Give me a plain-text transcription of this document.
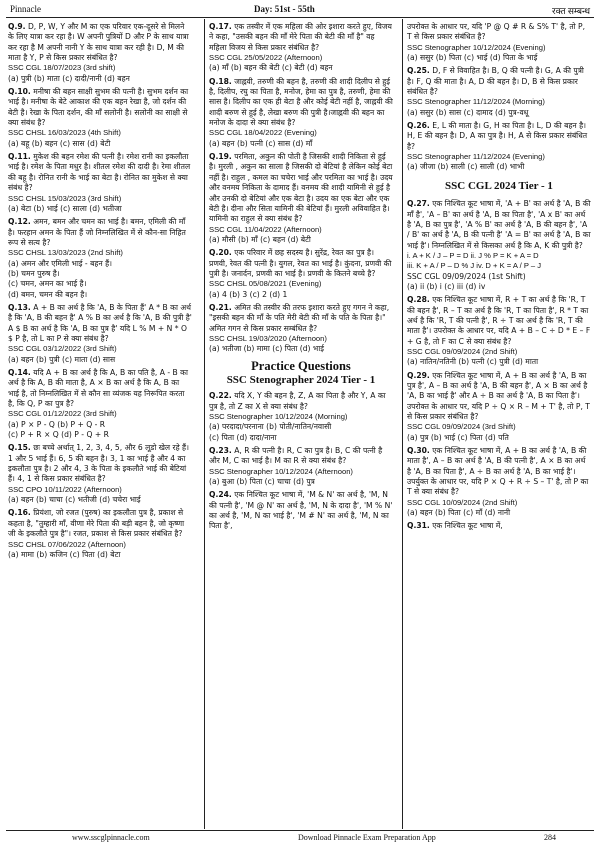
Pinnacle	Day: 51st - 55th	रक्त सम्बन्ध
Q.9. D, P, W, Y और M का एक परिवार एक-दूसरे से मिलने के लिए यात्रा कर रहा है। W अपनी पुत्रियों D और P के साथ यात्रा कर रहा है M अपनी नानी Y के साथ यात्रा कर रही है। D, M की माता है Y, P से किस प्रकार संबंधित है?
SSC CGL 18/07/2023 (3rd shift)
(a) पुत्री (b) माता (c) दादी/नानी (d) बहन
Q.10. मनीषा की बहन साक्षी सुभम की पत्नी है। सुभम दर्शन का भाई है। मनीषा के बेटे आकाश की एक बहन रेखा है, जो दर्शन की बेटी है। रेखा के पिता दर्शन, की माँ सलोनी है। सलोनी का साक्षी से क्या संबंध है?
SSC CHSL 16/03/2023 (4th Shift)
(a) बहू (b) बहन (c) सास (d) बेटी
Q.11. मुकेश की बहन रमेश की पत्नी है। रमेश रानी का इकलौता भाई है। रमेश के पिता मधुर है। शीतल रमेश की दादी है। रेमा शीतल की बहू है। रोनित रानी के भाई का बेटा है। रोनित का मुकेश से क्या संबंध है?
SSC CHSL 15/03/2023 (3rd Shift)
(a) बेटा (b) भाई (c) साला (d) भतीजा
Q.12. अमन, बमन और चमन का भाई है। बमन, एमिली की माँ है। फरहान अमन के पिता हैं जो निम्नलिखित में से कौन-सा निहित रूप से सत्य है?
SSC CHSL 13/03/2023 (2nd Shift)
(a) अमन और एमिली भाई - बहन हैं।
(b) चमन पुरुष है।
(c) चमन, अमन का भाई है।
(d) बमन, चमन की बहन है।
Q.13. A + B का अर्थ है कि 'A, B के पिता हैं' A * B का अर्थ है कि 'A, B की बहन है' A % B का अर्थ है कि 'A, B की पुत्री है' A $ B का अर्थ है कि 'A, B का पुत्र है' यदि L % M + N * O $ P है, तो L का P से क्या संबंध है?
SSC CGL 03/12/2022 (3rd Shift)
(a) बहन (b) पुत्री (c) माता (d) सास
Q.14. यदि A + B का अर्थ है कि A, B का पति है, A - B का अर्थ है कि A, B की माता है, A × B का अर्थ है कि A, B का भाई है, तो निम्नलिखित में से कौन सा व्यंजक यह निरूपित करता है, कि Q, P का पुत्र है?
SSC CGL 01/12/2022 (3rd Shift)
(a) P × P - Q (b) P + Q - R
(c) P + R × Q (d) P - Q + R
Q.15. छः बच्चे अर्थात् 1, 2, 3, 4, 5, और 6 लूडो खेल रहे हैं। 1 और 5 भाई हैं। 6, 5 की बहन है। 3, 1 का भाई है और 4 का इकलौता पुत्र है। 2 और 4, 3 के पिता के इकलौते भाई की बेटियां हैं। 4, 1 से किस प्रकार संबंधित है?
SSC CPO 10/11/2022 (Afternoon)
(a) बहन (b) चाचा (c) भतीजी (d) चचेरा भाई
Q.16. प्रियंशा, जो रजत (पुरुष) का इकलौता पुत्र है, प्रकाश से कहता है, "तुम्हारी माँ, वीणा मेरे पिता की बड़ी बहन है, जो कृष्णा जी के इकलौते पुत्र है"। रजत, प्रकाश से किस प्रकार संबंधित है?
SSC CHSL 07/06/2022 (Afternoon)
(a) मामा (b) कजिन (c) पिता (d) बेटा
Q.17. एक तस्वीर में एक महिला की ओर इशारा करते हुए, विजय ने कहा, "उसकी बहन की माँ मेरे पिता की बेटी की माँ है" वह महिला विजय से किस प्रकार संबंधित है?
SSC CGL 25/05/2022 (Afternoon)
(a) माँ (b) बहन की बेटी (c) बेटी (d) बहन
Q.18. जाह्नवी, तरुणी की बहन है, तरुणी की शादी दिलीप से हुई है, दिलीप, रघु का पिता है, मनोज, हेमा का पुत्र है, तरुणी, हेमा की सास है। दिलीप का एक ही बेटा है और कोई बेटी नहीं है, जाह्नवी की शादी बरुण से हुई है, लेखा बरुण की पुत्री है।जाह्नवी की बहन का मनोज के दादा से क्या संबंध है?
SSC CGL 18/04/2022 (Evening)
(a) बहन (b) पत्नी (c) सास (d) माँ
Q.19. परमिता, अकुन की पोती है जिसकी शादी निकिता से हुई है। मुरली , अकुन का साला है जिसकी दो बेटियां है लेकिन कोई बेटा नहीं है। राहुल , कमल का चचेरा भाई और परमिता का भाई है। उदय और वनमय निकिता के दामाद हैं। वनमय की शादी यामिनी से हुई है और उनकी दो बेटियां और एक बेटा है। उदय का एक बेटा और एक बेटी है। दीना और सिता यामिनी की बेटियां हैं। मुरली अविवाहित है। यामिनी का राहुल से क्या संबंध है?
SSC CGL 11/04/2022 (Afternoon)
(a) मौसी (b) माँ (c) बहन (d) बेटी
Q.20. एक परिवार में छह सदस्य है। सुरेंद्र, रेवत का पुत्र है। प्रणवी, रेवत की पत्नी है। युगल, रेवत का भाई है। कुंदना, प्रणवी की पुत्री है। जनार्दन, प्रणवी का भाई है। प्रणवी के कितने बच्चे है?
SSC CHSL 05/08/2021 (Evening)
(a) 4 (b) 3 (c) 2 (d) 1
Q.21. अमित की तस्वीर की तरफ इशारा करते हुए गगन ने कहा, "इसकी बहन की माँ के पति मेरी बेटी की माँ के पति के पिता है।" अमित गगन से किस प्रकार सम्बंधित है?
SSC CHSL 19/03/2020 (Afternoon)
(a) भतीजा (b) मामा (c) पिता (d) भाई
Practice Questions
SSC Stenographer 2024 Tier - 1
Q.22. यदि X, Y की बहन है, Z, A का पिता है और Y, A का पुत्र है, तो Z का X से क्या संबंध है?
SSC Stenographer 10/12/2024 (Morning)
(a) परदादा/परनाना (b) पोती/नातिन/नवासी
(c) पिता (d) दादा/नाना
Q.23. A, R की पत्नी है। R, C का पुत्र है। B, C की पत्नी है और M, C का भाई है। M का R से क्या संबंध है?
SSC Stenographer 10/12/2024 (Afternoon)
(a) बुआ (b) पिता (c) चाचा (d) पुत्र
Q.24. एक निश्चित कूट भाषा में, 'M & N' का अर्थ है, 'M, N की पत्नी है', 'M @ N' का अर्थ है, 'M, N के दादा है', 'M % N' का अर्थ है, 'M, N का भाई है', 'M # N' का अर्थ है, 'M, N का पिता है',
उपरोक्त के आधार पर, यदि 'P @ Q # R & S% T' है, तो P, T से किस प्रकार संबंधित है?
SSC Stenographer 10/12/2024 (Evening)
(a) ससुर (b) पिता (c) भाई (d) पिता के भाई
Q.25. D, F से विवाहित है। B, Q की पत्नी है। G, A की पुत्री है। F, Q की माता है। A, D की बहन है। D, B से किस प्रकार संबंधित है?
SSC Stenographer 11/12/2024 (Morning)
(a) ससुर (b) सास (c) दामाद (d) पुत्र-वधू
Q.26. E, L की माता है। G, H का पिता है। L, D की बहन है। H, E की बहन है। D, A का पुत्र है। H, A से किस प्रकार संबंधित है?
SSC Stenographer 11/12/2024 (Evening)
(a) जीजा (b) साली (c) साली (d) भाभी
SSC CGL 2024 Tier - 1
Q.27. एक निश्चित कूट भाषा में, 'A + B' का अर्थ है 'A, B की माँ है', 'A – B' का अर्थ है 'A, B का पिता है', 'A x B' का अर्थ है 'A, B का पुत्र है', 'A % B' का अर्थ है 'A, B की बहन है', 'A / B' का अर्थ है 'A, B की पत्नी है' 'A = B' का अर्थ है 'A, B का भाई है'। निम्नलिखित में से किसका अर्थ है कि A, K की पुत्री है?
i. A + K / J – P = D ii. J % P = K + A = D
iii. K + A / P – D % J iv. D + K = A / P – J
SSC CGL 09/09/2024 (1st Shift)
(a) ii (b) i (c) iii (d) iv
Q.28. एक निश्चित कूट भाषा में, R + T का अर्थ है कि 'R, T की बहन है', R – T का अर्थ है कि 'R, T का पिता है', R * T का अर्थ है कि 'R, T की पत्नी है', R ÷ T का अर्थ है कि 'R, T की माता है'। उपरोक्त के आधार पर, यदि A + B – C ÷ D * E – F + G है, तो F का C से क्या संबंध है?
SSC CGL 09/09/2024 (2nd Shift)
(a) नातिन/नतिनी (b) पत्नी (c) पुत्री (d) माता
Q.29. एक निश्चित कूट भाषा में, A + B का अर्थ है 'A, B का पुत्र है', A – B का अर्थ है 'A, B की बहन है', A × B का अर्थ है 'A, B का भाई है' और A ÷ B का अर्थ है 'A, B का पिता है'। उपरोक्त के आधार पर, यदि P ÷ Q × R – M + T' है, तो P, T से किस प्रकार संबंधित है?
SSC CGL 09/09/2024 (3rd Shift)
(a) पुत्र (b) भाई (c) पिता (d) पति
Q.30. एक निश्चित कूट भाषा में, A + B का अर्थ है 'A, B की माता है', A – B का अर्थ है 'A, B की पत्नी है', A × B का अर्थ है 'A, B का पिता है', A ÷ B का अर्थ है 'A, B का भाई है'। उपर्युक्त के आधार पर, यदि P × Q + R ÷ S – T' है, तो P का T से क्या संबंध है?
SSC CGL 10/09/2024 (2nd Shift)
(a) बहन (b) पिता (c) माँ (d) नानी
Q.31. एक निश्चित कूट भाषा में,
www.sscglpinnacle.com	Download Pinnacle Exam Preparation App	284
